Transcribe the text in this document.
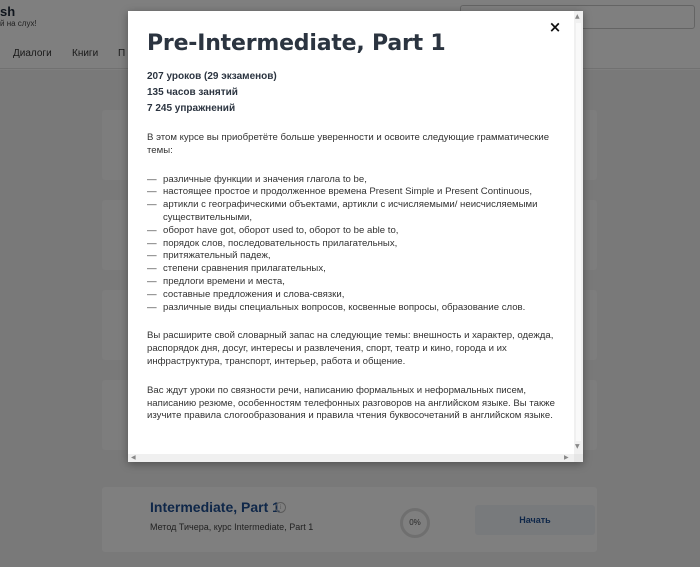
Pre-Intermediate, Part 1
207 уроков (29 экзаменов)
135 часов занятий
7 245 упражнений
В этом курсе вы приобретёте больше уверенности и освоите следующие грамматические темы:
— различные функции и значения глагола to be,
— настоящее простое и продолженное времена Present Simple и Present Continuous,
— артикли с географическими объектами, артикли с исчисляемыми/ неисчисляемыми существительными,
— оборот have got, оборот used to, оборот to be able to,
— порядок слов, последовательность прилагательных,
— притяжательный падеж,
— степени сравнения прилагательных,
— предлоги времени и места,
— составные предложения и слова-связки,
— различные виды специальных вопросов, косвенные вопросы, образование слов.
Вы расширите свой словарный запас на следующие темы: внешность и характер, одежда, распорядок дня, досуг, интересы и развлечения, спорт, театр и кино, города и их инфраструктура, транспорт, интерьер, работа и общение.
Вас ждут уроки по связности речи, написанию формальных и неформальных писем, написанию резюме, особенностям телефонных разговоров на английском языке. Вы также изучите правила слогообразования и правила чтения буквосочетаний в английском языке.
×
▲
▼
◀	▶
